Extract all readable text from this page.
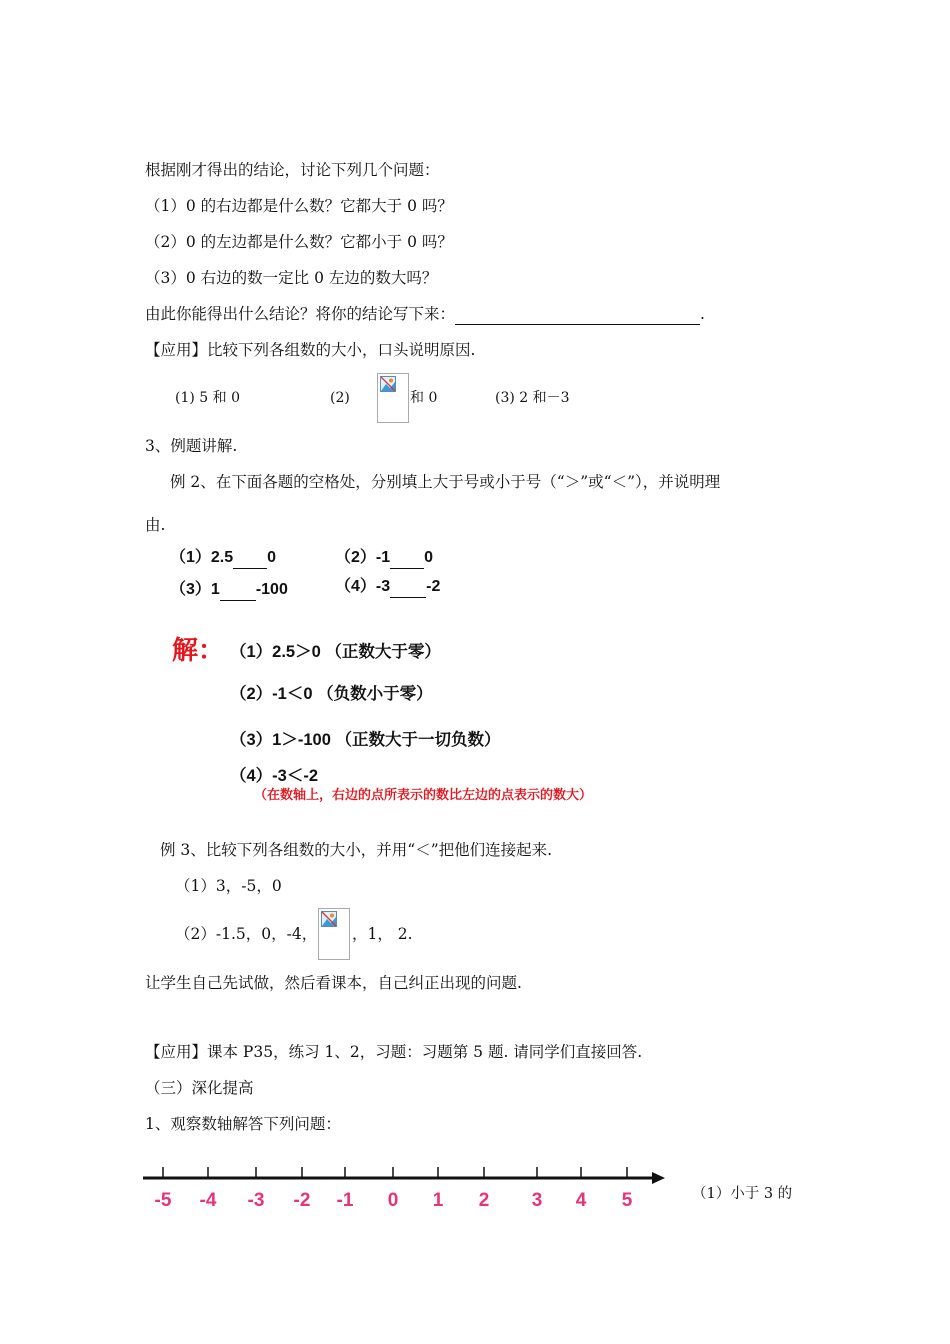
根据刚才得出的结论，讨论下列几个问题：
（1）0 的右边都是什么数？它都大于 0 吗？
（2）0 的左边都是什么数？它都小于 0 吗？
（3）0 右边的数一定比 0 左边的数大吗？
由此你能得出什么结论？将你的结论写下来：	.
【应用】比较下列各组数的大小，口头说明原因.
(1) 5 和 0	(2)	和 0	(3) 2 和－3
3、例题讲解.
例 2、在下面各题的空格处，分别填上大于号或小于号（“＞”或“＜”），并说明理
由.
（1）2.5 0	（2）-1 0
（3）1 -100	（4）-3 -2
解： （1）2.5＞0 （正数大于零）
（2）-1＜0 （负数小于零）
（3）1＞-100 （正数大于一切负数）
（4）-3＜-2
（在数轴上，右边的点所表示的数比左边的点表示的数大）
例 3、比较下列各组数的大小，并用“＜”把他们连接起来.
（1）3，-5，0
（2）-1.5，0，-4， ，1， 2.
让学生自己先试做，然后看课本，自己纠正出现的问题.
【应用】课本 P35，练习 1、2，习题：习题第 5 题. 请同学们直接回答.
（三）深化提高
1、观察数轴解答下列问题：
-5 -4 -3 -2 -1	0	1	2	3	4	5	（1）小于 3 的
